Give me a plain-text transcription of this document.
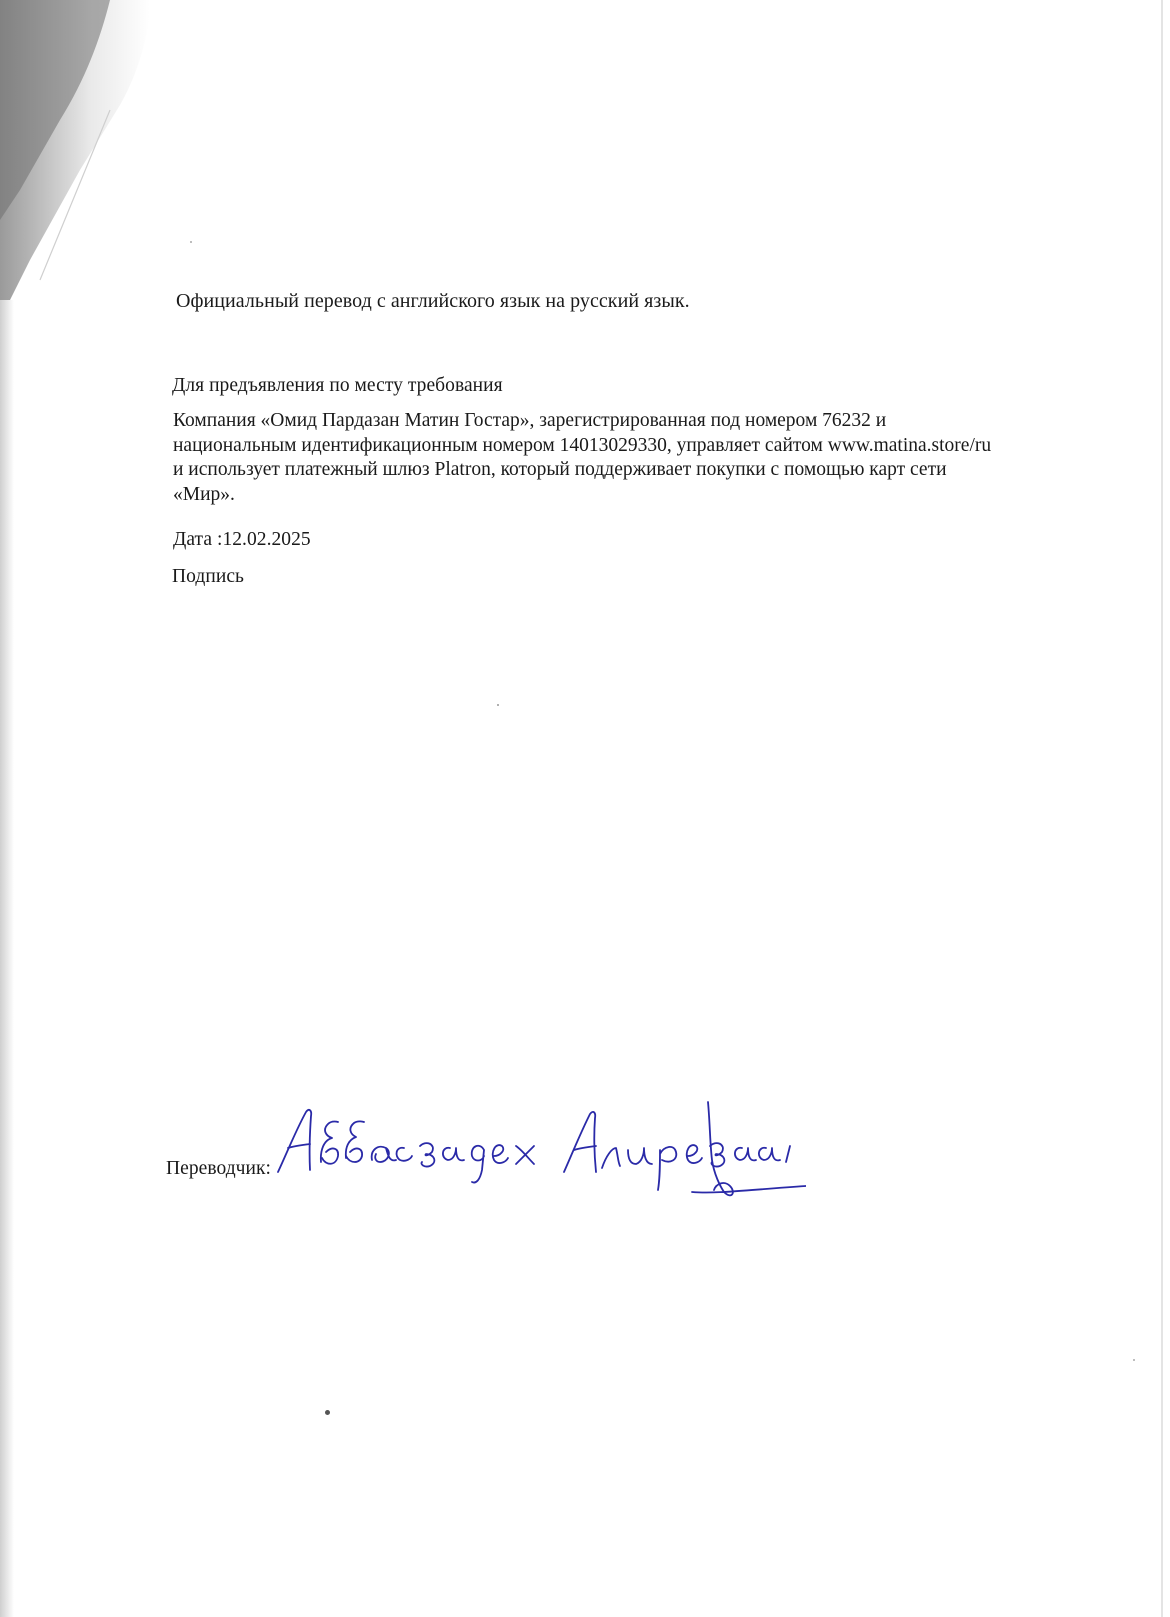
Официальный перевод с английского язык на русский язык.
Для предъявления по месту требования
Компания «Омид Пардазан Матин Гостар», зарегистрированная под номером 76232 и
национальным идентификационным номером 14013029330, управляет сайтом www.matina.store/ru
и использует платежный шлюз Platron, который поддерживает покупки с помощью карт сети
«Мир».
Дата :12.02.2025
Подпись
Переводчик:
